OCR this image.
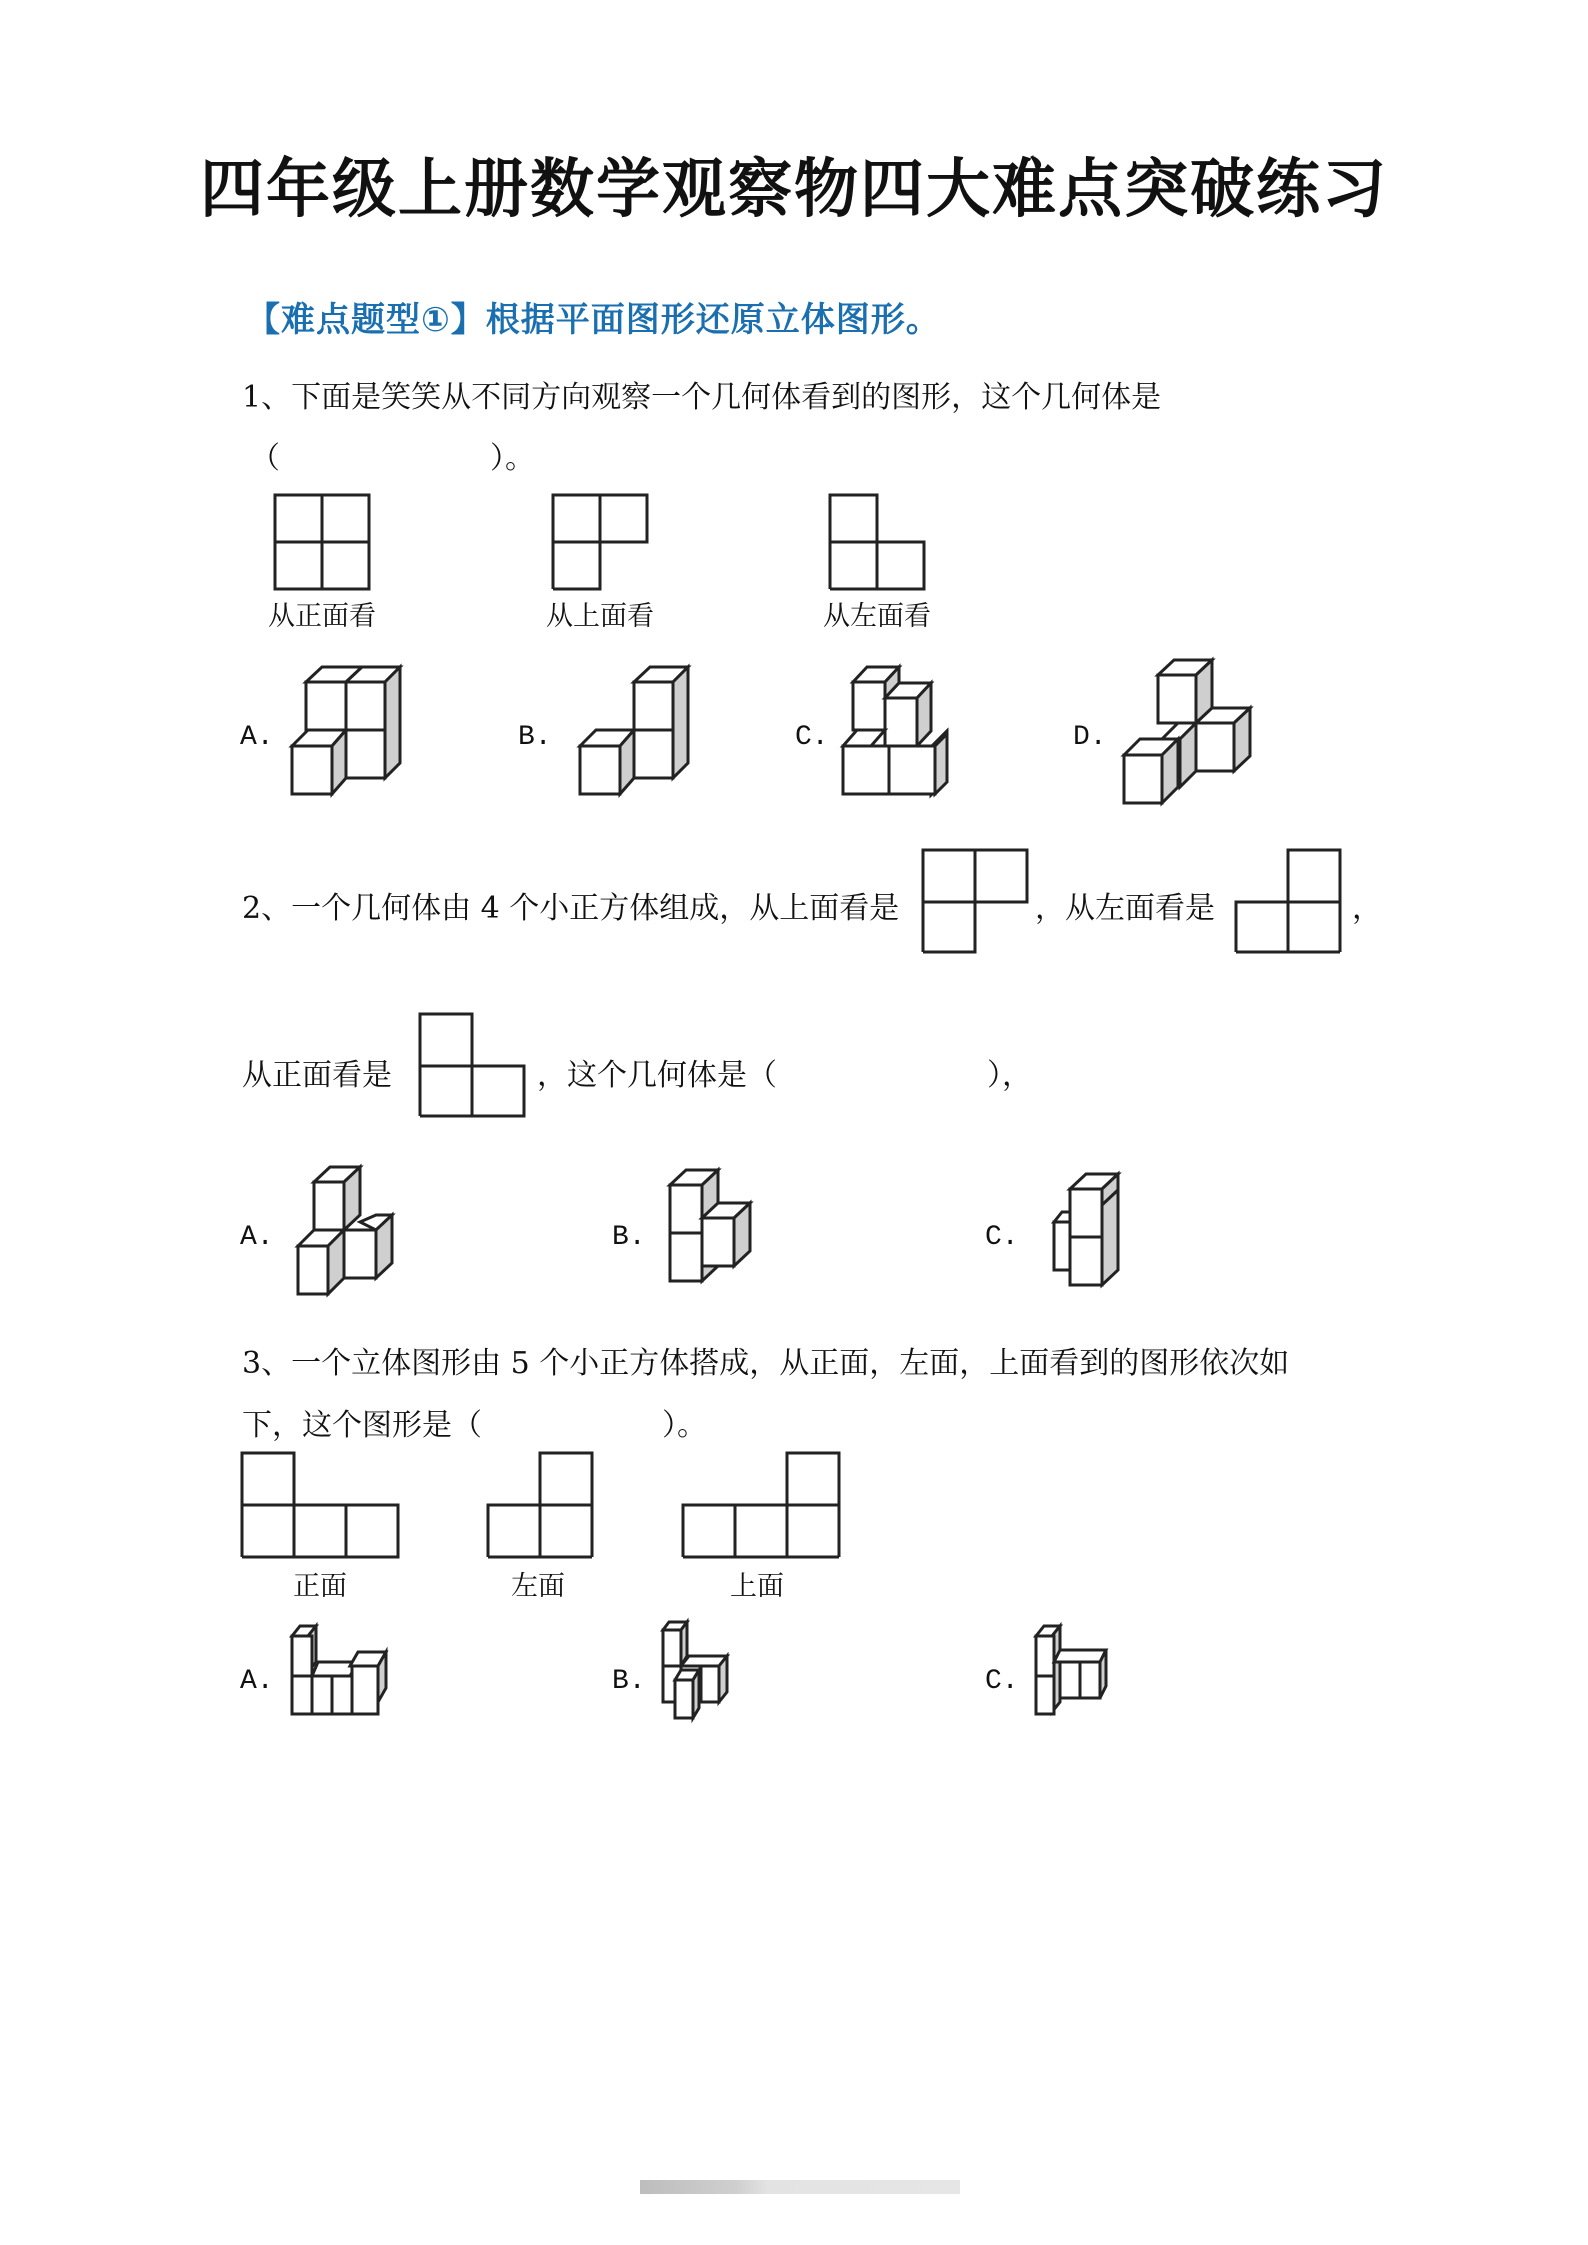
四年级上册数学观察物四大难点突破练习
【难点题型①】根据平面图形还原立体图形。
1、下面是笑笑从不同方向观察一个几何体看到的图形，这个几何体是
（　　　　　　　）。
从正面看	从上面看	从左面看
A.	B.	C.	D.
2、一个几何体由 4 个小正方体组成，从上面看是	，从左面看是	，
从正面看是	，这个几何体是（　　　　　　　），
A.	B.	C.
3、一个立体图形由 5 个小正方体搭成，从正面，左面，上面看到的图形依次如
下，这个图形是（　　　　　　）。
正面	左面	上面
A.	B.	C.
